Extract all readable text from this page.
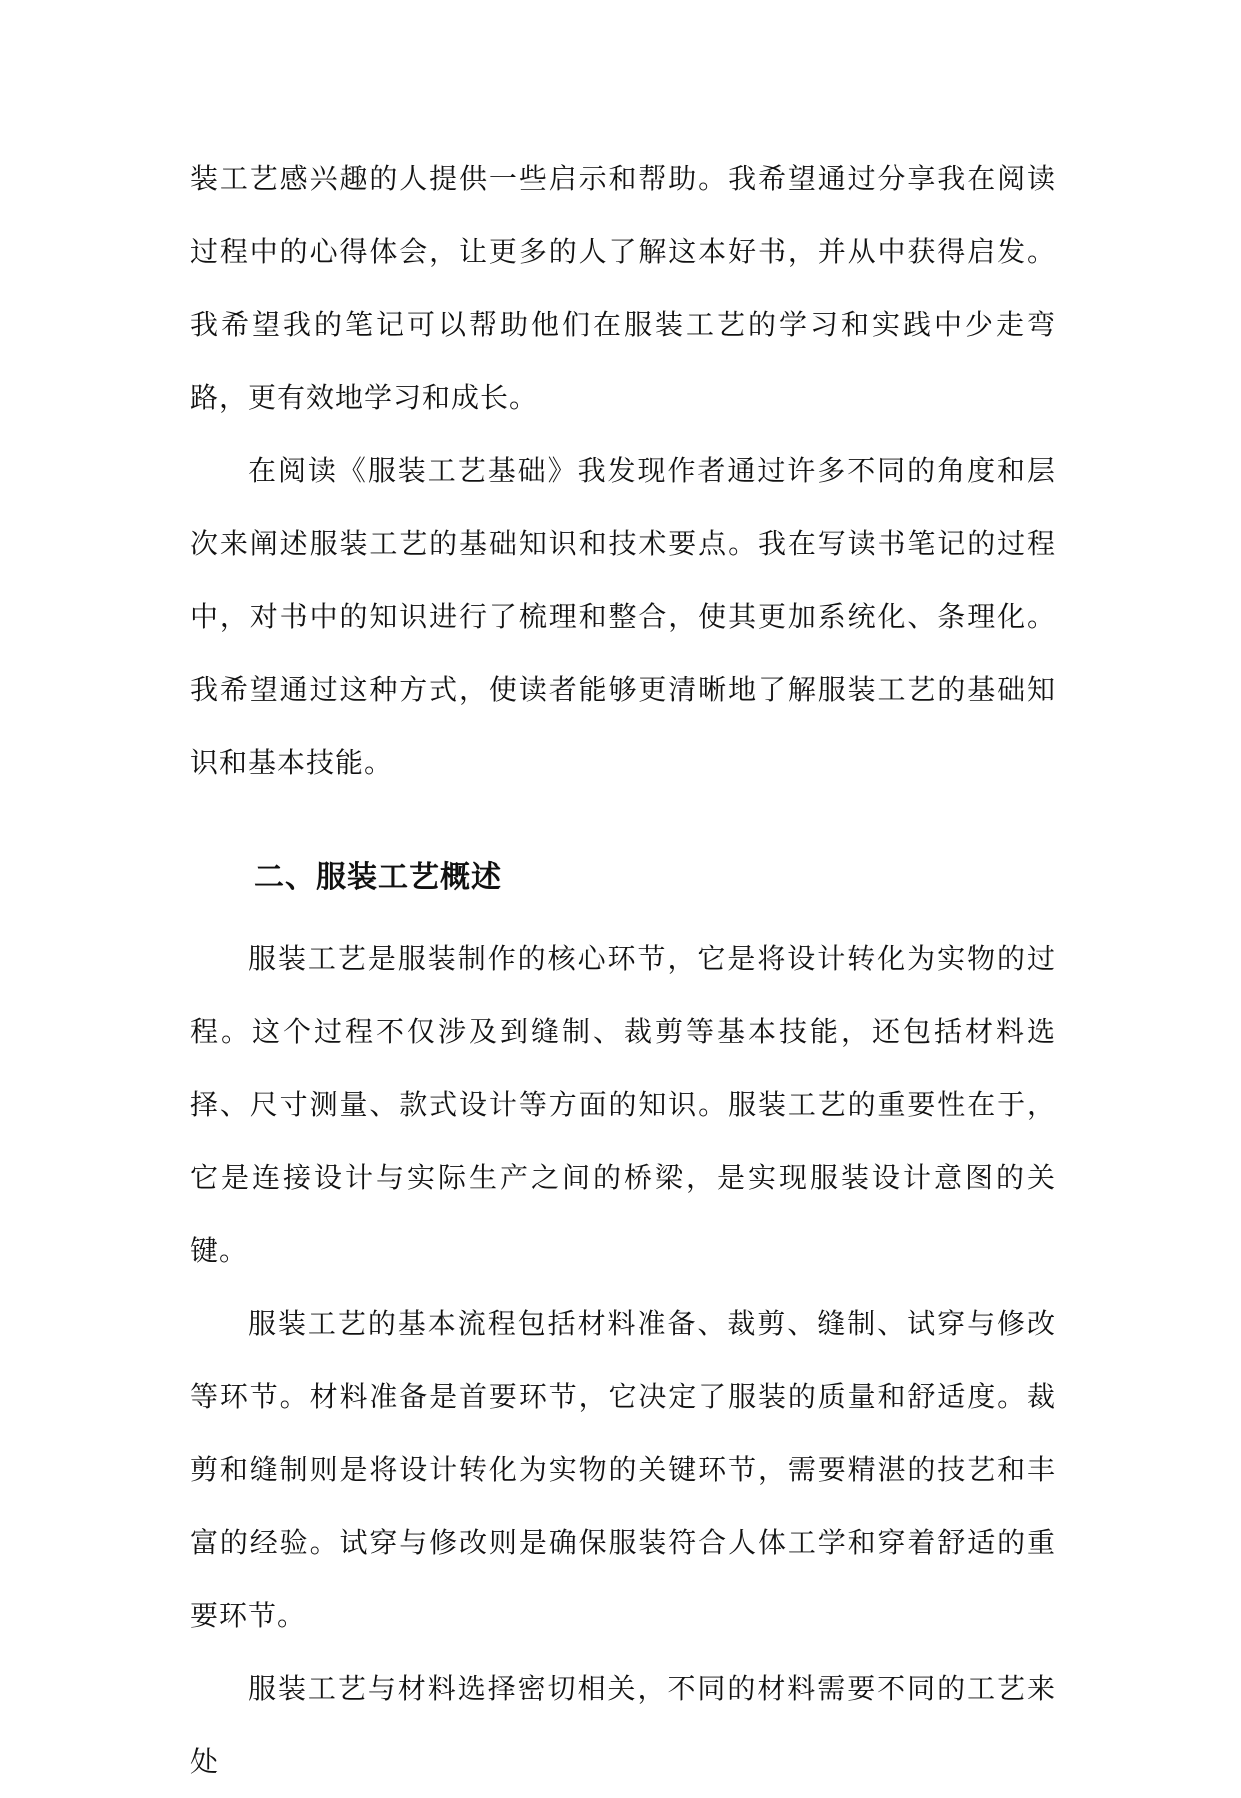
装工艺感兴趣的人提供一些启示和帮助。我希望通过分享我在阅读过程中的心得体会，让更多的人了解这本好书，并从中获得启发。我希望我的笔记可以帮助他们在服装工艺的学习和实践中少走弯路，更有效地学习和成长。

在阅读《服装工艺基础》我发现作者通过许多不同的角度和层次来阐述服装工艺的基础知识和技术要点。我在写读书笔记的过程中，对书中的知识进行了梳理和整合，使其更加系统化、条理化。我希望通过这种方式，使读者能够更清晰地了解服装工艺的基础知识和基本技能。

二、服装工艺概述

服装工艺是服装制作的核心环节，它是将设计转化为实物的过程。这个过程不仅涉及到缝制、裁剪等基本技能，还包括材料选择、尺寸测量、款式设计等方面的知识。服装工艺的重要性在于，它是连接设计与实际生产之间的桥梁，是实现服装设计意图的关键。

服装工艺的基本流程包括材料准备、裁剪、缝制、试穿与修改等环节。材料准备是首要环节，它决定了服装的质量和舒适度。裁剪和缝制则是将设计转化为实物的关键环节，需要精湛的技艺和丰富的经验。试穿与修改则是确保服装符合人体工学和穿着舒适的重要环节。

服装工艺与材料选择密切相关，不同的材料需要不同的工艺来处
